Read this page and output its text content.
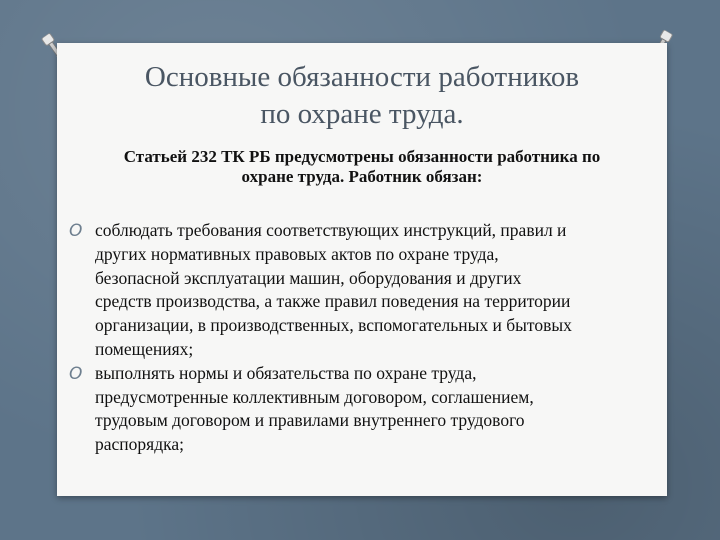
Основные обязанности работников
по охране труда.
Статьей 232 ТК РБ предусмотрены обязанности работника по
охране труда. Работник обязан:
O соблюдать требования соответствующих инструкций, правил и
других нормативных правовых актов по охране труда,
безопасной эксплуатации машин, оборудования и других
средств производства, а также правил поведения на территории
организации, в производственных, вспомогательных и бытовых
помещениях;
O выполнять нормы и обязательства по охране труда,
предусмотренные коллективным договором, соглашением,
трудовым договором и правилами внутреннего трудового
распорядка;
